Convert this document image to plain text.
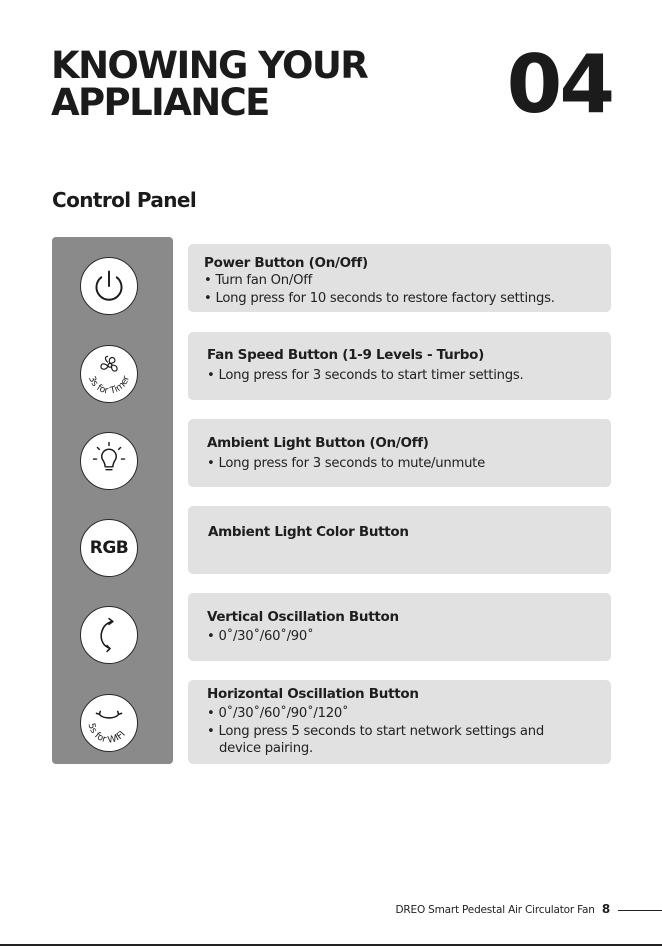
KNOWING YOUR
APPLIANCE	04
Control Panel
3s for Timer
RGB
5s for WIFI
Power Button (On/Off)
• Turn fan On/Off
• Long press for 10 seconds to restore factory settings.
Fan Speed Button (1-9 Levels - Turbo)
• Long press for 3 seconds to start timer settings.
Ambient Light Button (On/Off)
• Long press for 3 seconds to mute/unmute
Ambient Light Color Button
Vertical Oscillation Button
• 0˚/30˚/60˚/90˚
Horizontal Oscillation Button
• 0˚/30˚/60˚/90˚/120˚
• Long press 5 seconds to start network settings and device pairing.
DREO Smart Pedestal Air Circulator Fan 8
